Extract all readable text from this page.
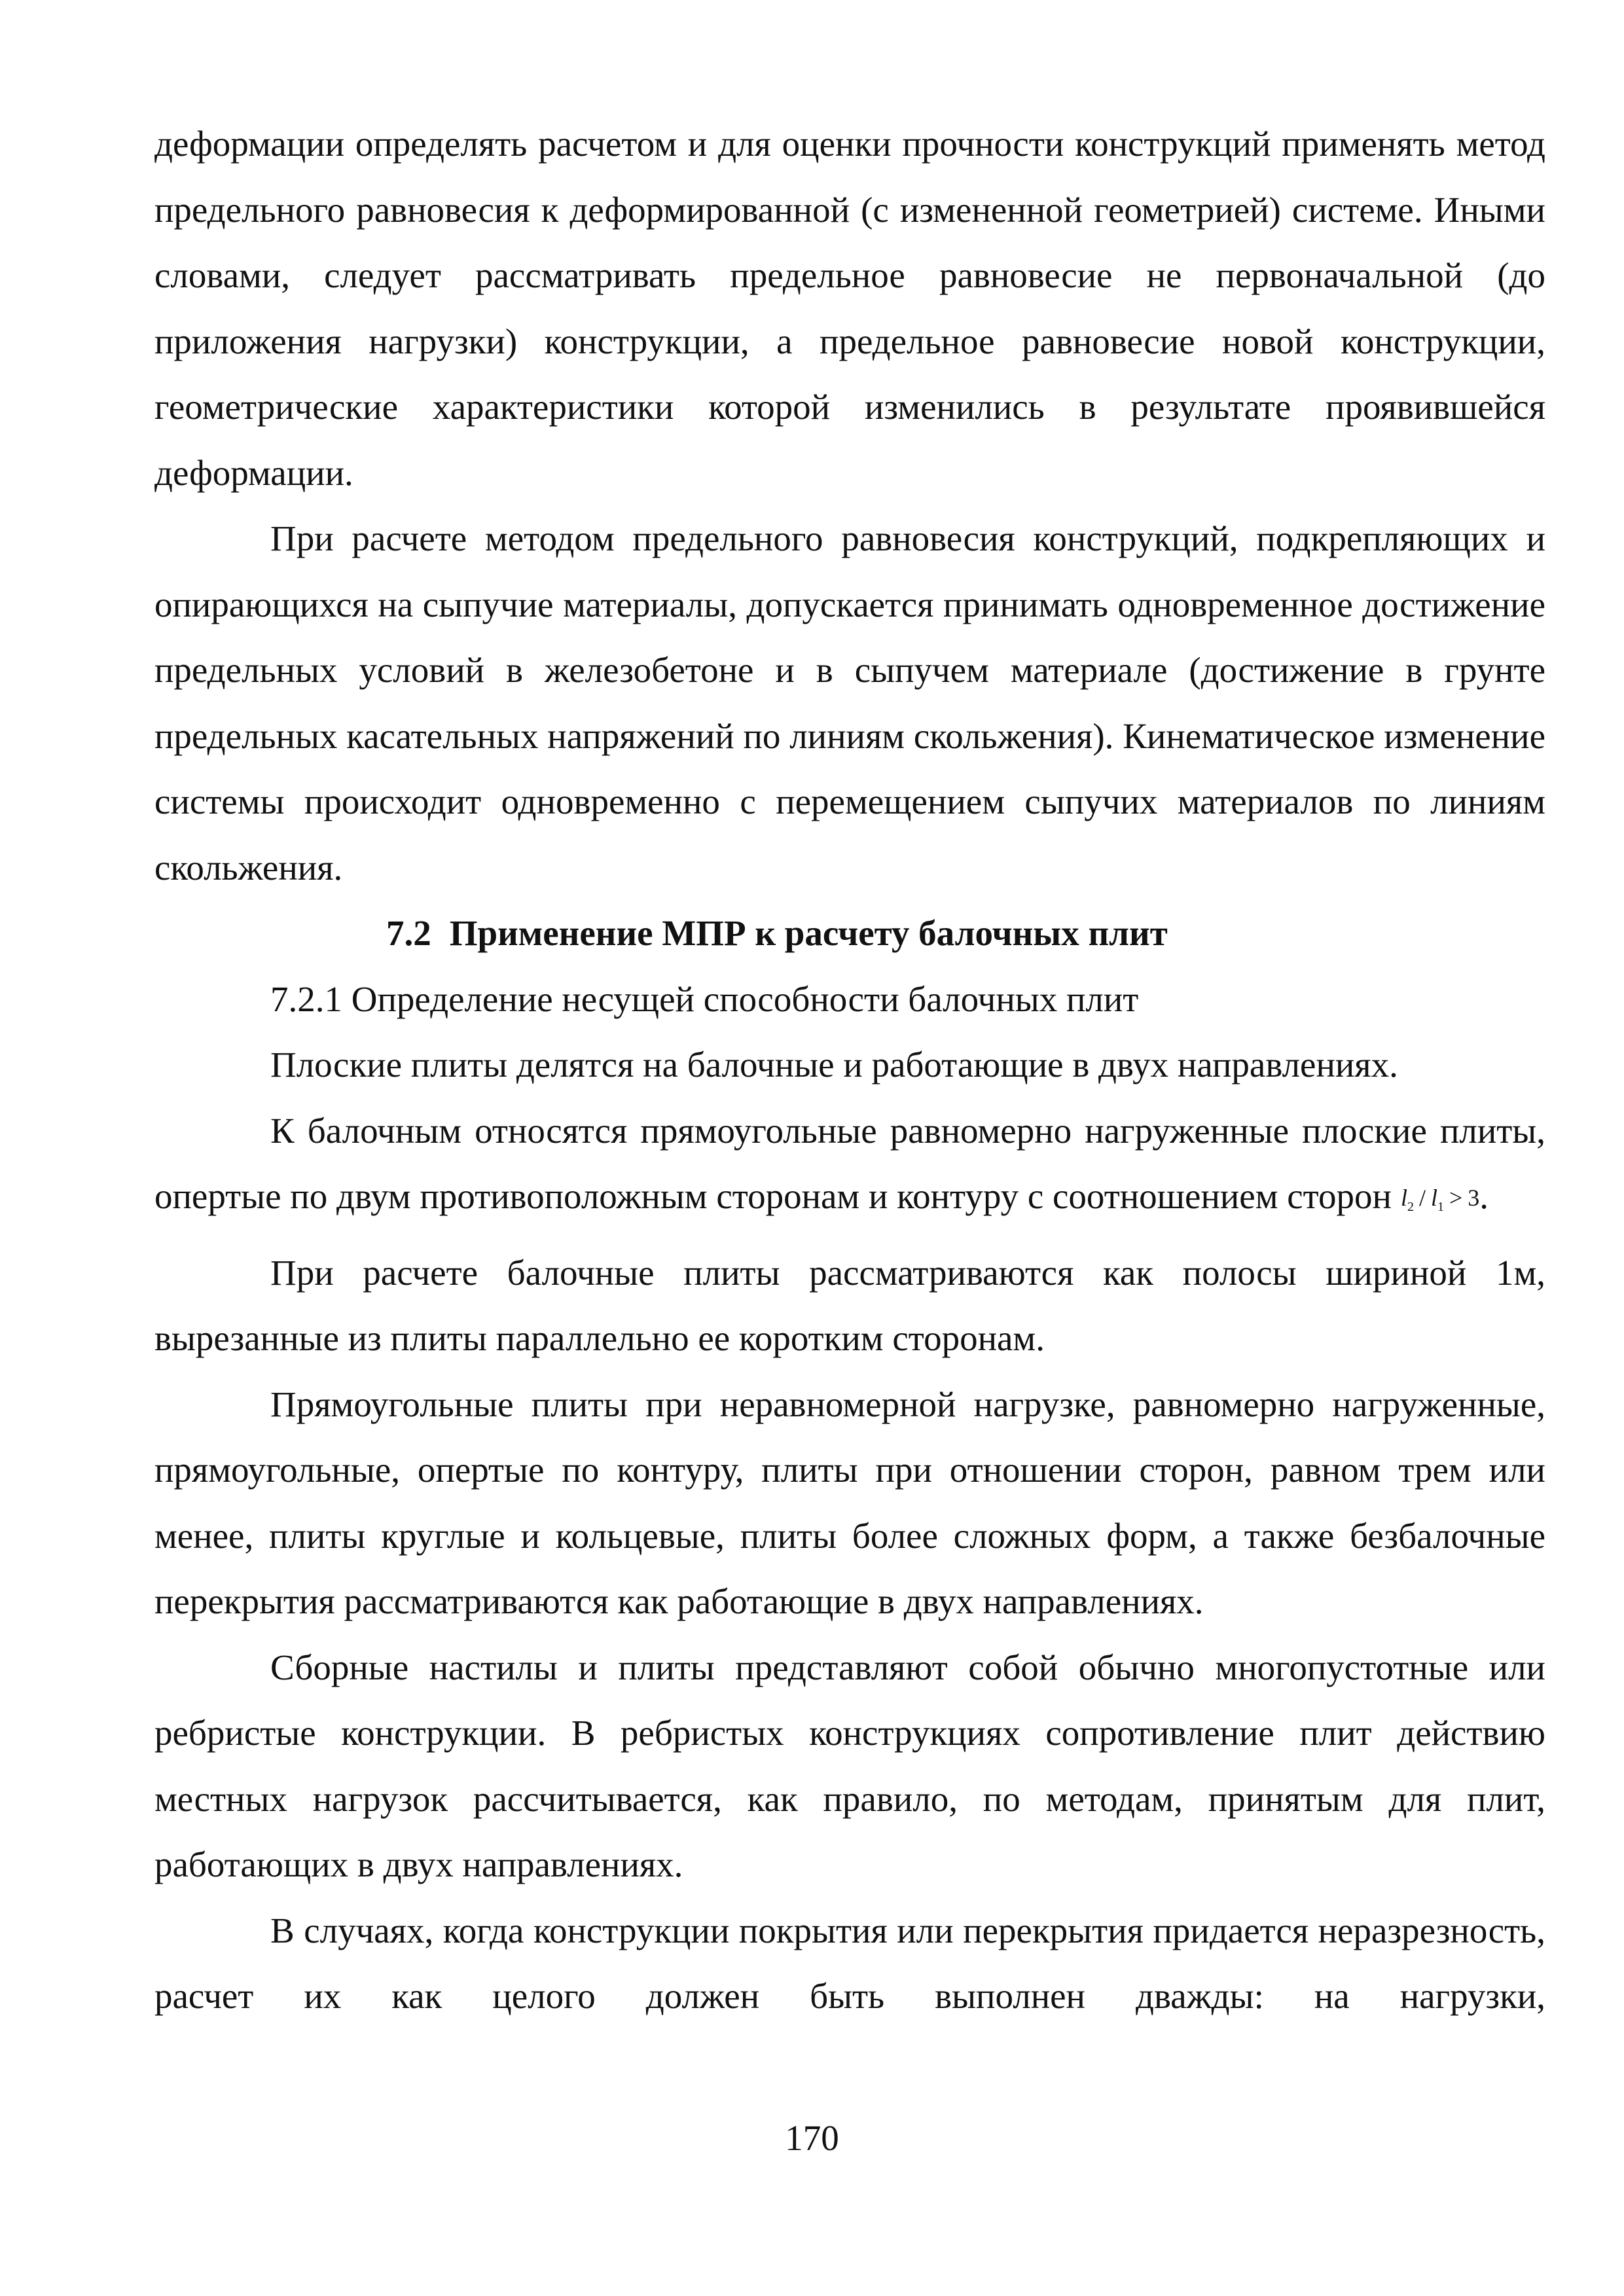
деформации определять расчетом и для оценки прочности конструкций применять метод предельного равновесия к деформированной (с измененной геометрией) системе. Иными словами, следует рассматривать предельное равновесие не первоначальной (до приложения нагрузки) конструкции, а предельное равновесие новой конструкции, геометрические характеристики которой изменились в результате проявившейся деформации.

При расчете методом предельного равновесия конструкций, подкрепляющих и опирающихся на сыпучие материалы, допускается принимать одновременное достижение предельных условий в железобетоне и в сыпучем материале (достижение в грунте предельных касательных напряжений по линиям скольжения). Кинематическое изменение системы происходит одновременно с перемещением сыпучих материалов по линиям скольжения.

7.2 Применение МПР к расчету балочных плит

7.2.1 Определение несущей способности балочных плит

Плоские плиты делятся на балочные и работающие в двух направлениях.

К балочным относятся прямоугольные равномерно нагруженные плоские плиты, опертые по двум противоположным сторонам и контуру с соотношением сторон $l_2 / l_1 > 3$.

При расчете балочные плиты рассматриваются как полосы шириной 1м, вырезанные из плиты параллельно ее коротким сторонам.

Прямоугольные плиты при неравномерной нагрузке, равномерно нагруженные, прямоугольные, опертые по контуру, плиты при отношении сторон, равном трем или менее, плиты круглые и кольцевые, плиты более сложных форм, а также безбалочные перекрытия рассматриваются как работающие в двух направлениях.

Сборные настилы и плиты представляют собой обычно многопустотные или ребристые конструкции. В ребристых конструкциях сопротивление плит действию местных нагрузок рассчитывается, как правило, по методам, принятым для плит, работающих в двух направлениях.

В случаях, когда конструкции покрытия или перекрытия придается неразрезность, расчет их как целого должен быть выполнен дважды: на нагрузки,

170
